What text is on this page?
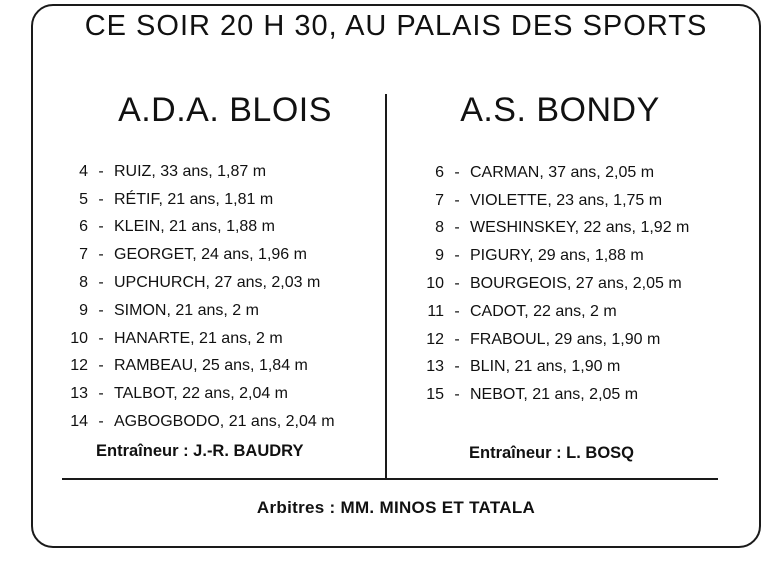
CE SOIR 20 H 30, AU PALAIS DES SPORTS
A.D.A. BLOIS	A.S. BONDY
4 - RUIZ, 33 ans, 1,87 m
5 - RÉTIF, 21 ans, 1,81 m
6 - KLEIN, 21 ans, 1,88 m
7 - GEORGET, 24 ans, 1,96 m
8 - UPCHURCH, 27 ans, 2,03 m
9 - SIMON, 21 ans, 2 m
10 - HANARTE, 21 ans, 2 m
12 - RAMBEAU, 25 ans, 1,84 m
13 - TALBOT, 22 ans, 2,04 m
14 - AGBOGBODO, 21 ans, 2,04 m
6 - CARMAN, 37 ans, 2,05 m
7 - VIOLETTE, 23 ans, 1,75 m
8 - WESHINSKEY, 22 ans, 1,92 m
9 - PIGURY, 29 ans, 1,88 m
10 - BOURGEOIS, 27 ans, 2,05 m
11 - CADOT, 22 ans, 2 m
12 - FRABOUL, 29 ans, 1,90 m
13 - BLIN, 21 ans, 1,90 m
15 - NEBOT, 21 ans, 2,05 m
Entraîneur : J.-R. BAUDRY	Entraînеur : L. BOSQ
Arbitres : MM. MINOS ET TATALA
